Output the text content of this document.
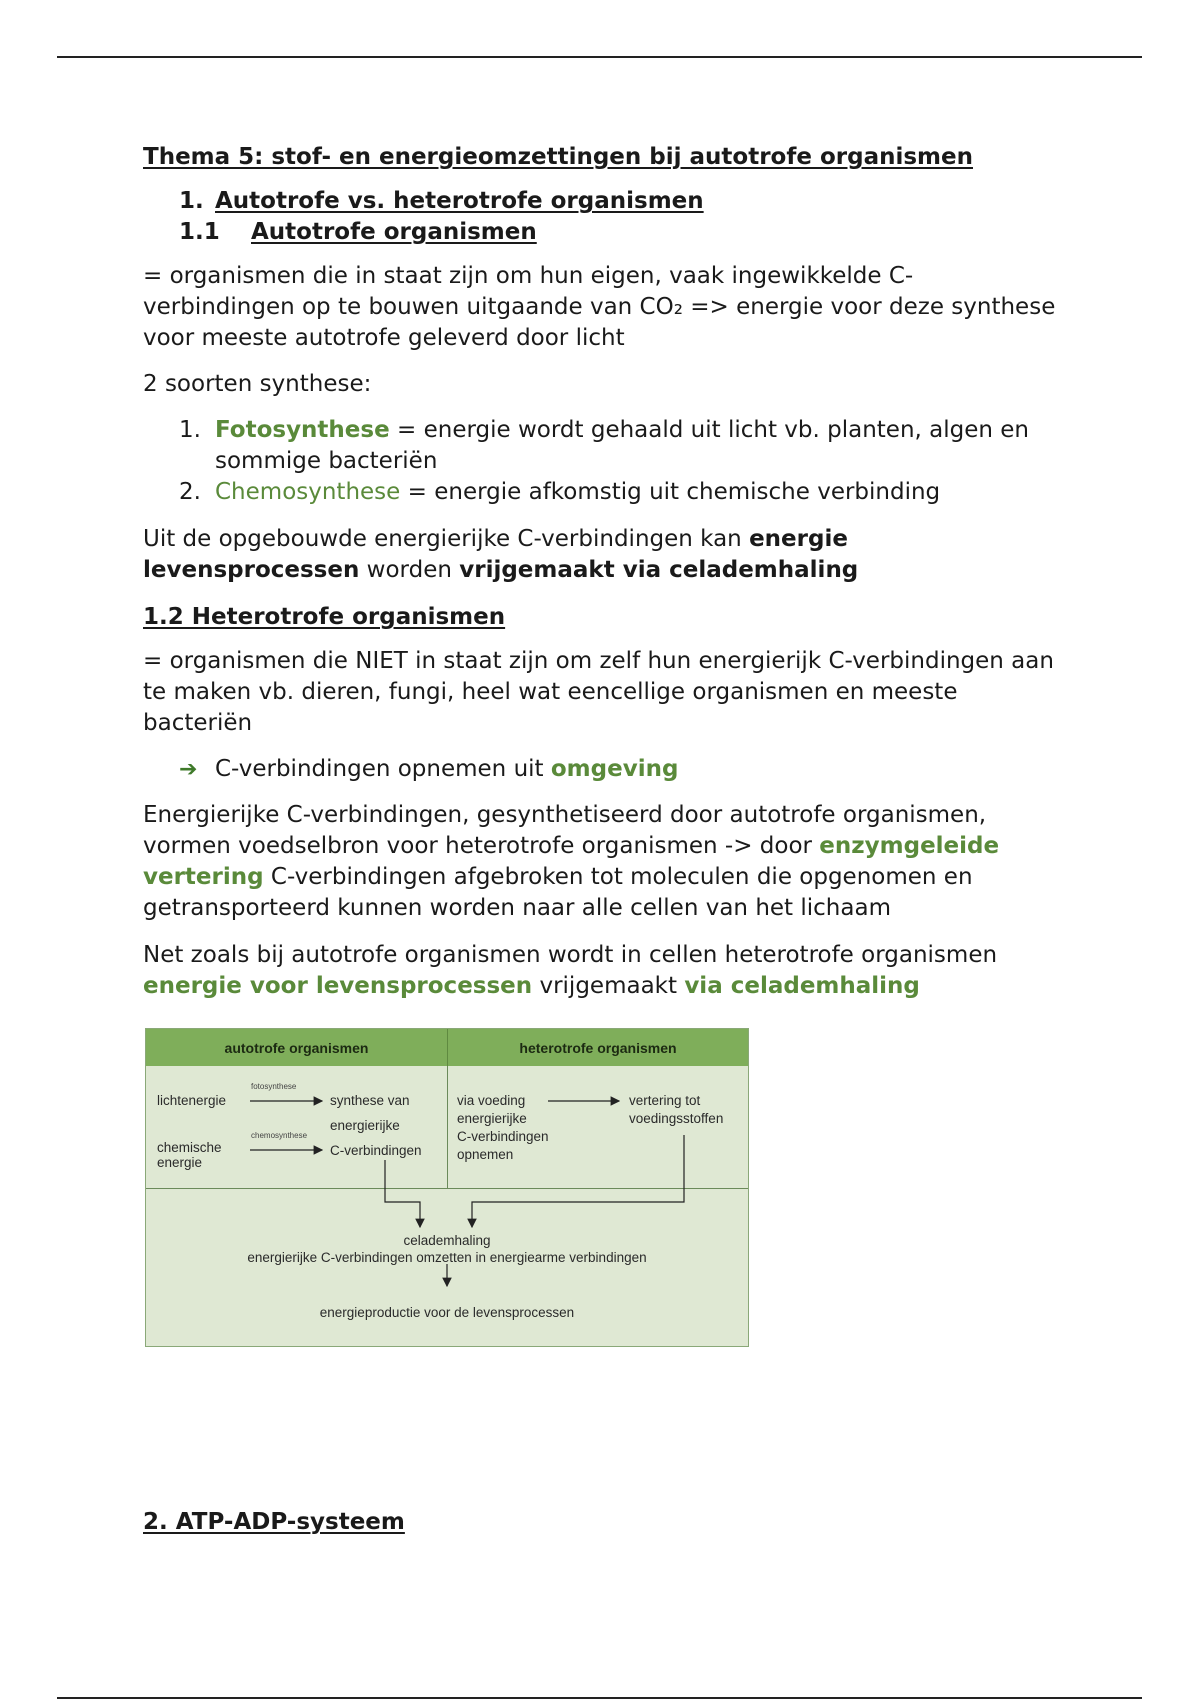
Thema 5: stof- en energieomzettingen bij autotrofe organismen

1. Autotrofe vs. heterotrofe organismen
1.1	Autotrofe organismen

= organismen die in staat zijn om hun eigen, vaak ingewikkelde C-verbindingen op te bouwen uitgaande van CO₂ => energie voor deze synthese voor meeste autotrofe geleverd door licht

2 soorten synthese:

1. Fotosynthese = energie wordt gehaald uit licht vb. planten, algen en sommige bacteriën
2. Chemosynthese = energie afkomstig uit chemische verbinding

Uit de opgebouwde energierijke C-verbindingen kan energie levensprocessen worden vrijgemaakt via celademhaling

1.2 Heterotrofe organismen

= organismen die NIET in staat zijn om zelf hun energierijk C-verbindingen aan te maken vb. dieren, fungi, heel wat eencellige organismen en meeste bacteriën

➔ C-verbindingen opnemen uit omgeving

Energierijke C-verbindingen, gesynthetiseerd door autotrofe organismen, vormen voedselbron voor heterotrofe organismen -> door enzymgeleide vertering C-verbindingen afgebroken tot moleculen die opgenomen en getransporteerd kunnen worden naar alle cellen van het lichaam

Net zoals bij autotrofe organismen wordt in cellen heterotrofe organismen energie voor levensprocessen vrijgemaakt via celademhaling

autotrofe organismen	heterotrofe organismen
lichtenergie
fotosynthese
chemosynthese
chemische
energie
synthese van
energierijke
C-verbindingen
via voeding
energierijke
C-verbindingen
opnemen
vertering tot
voedingsstoffen
celademhaling
energierijke C-verbindingen omzetten in energiearme verbindingen
energieproductie voor de levensprocessen

2. ATP-ADP-systeem
